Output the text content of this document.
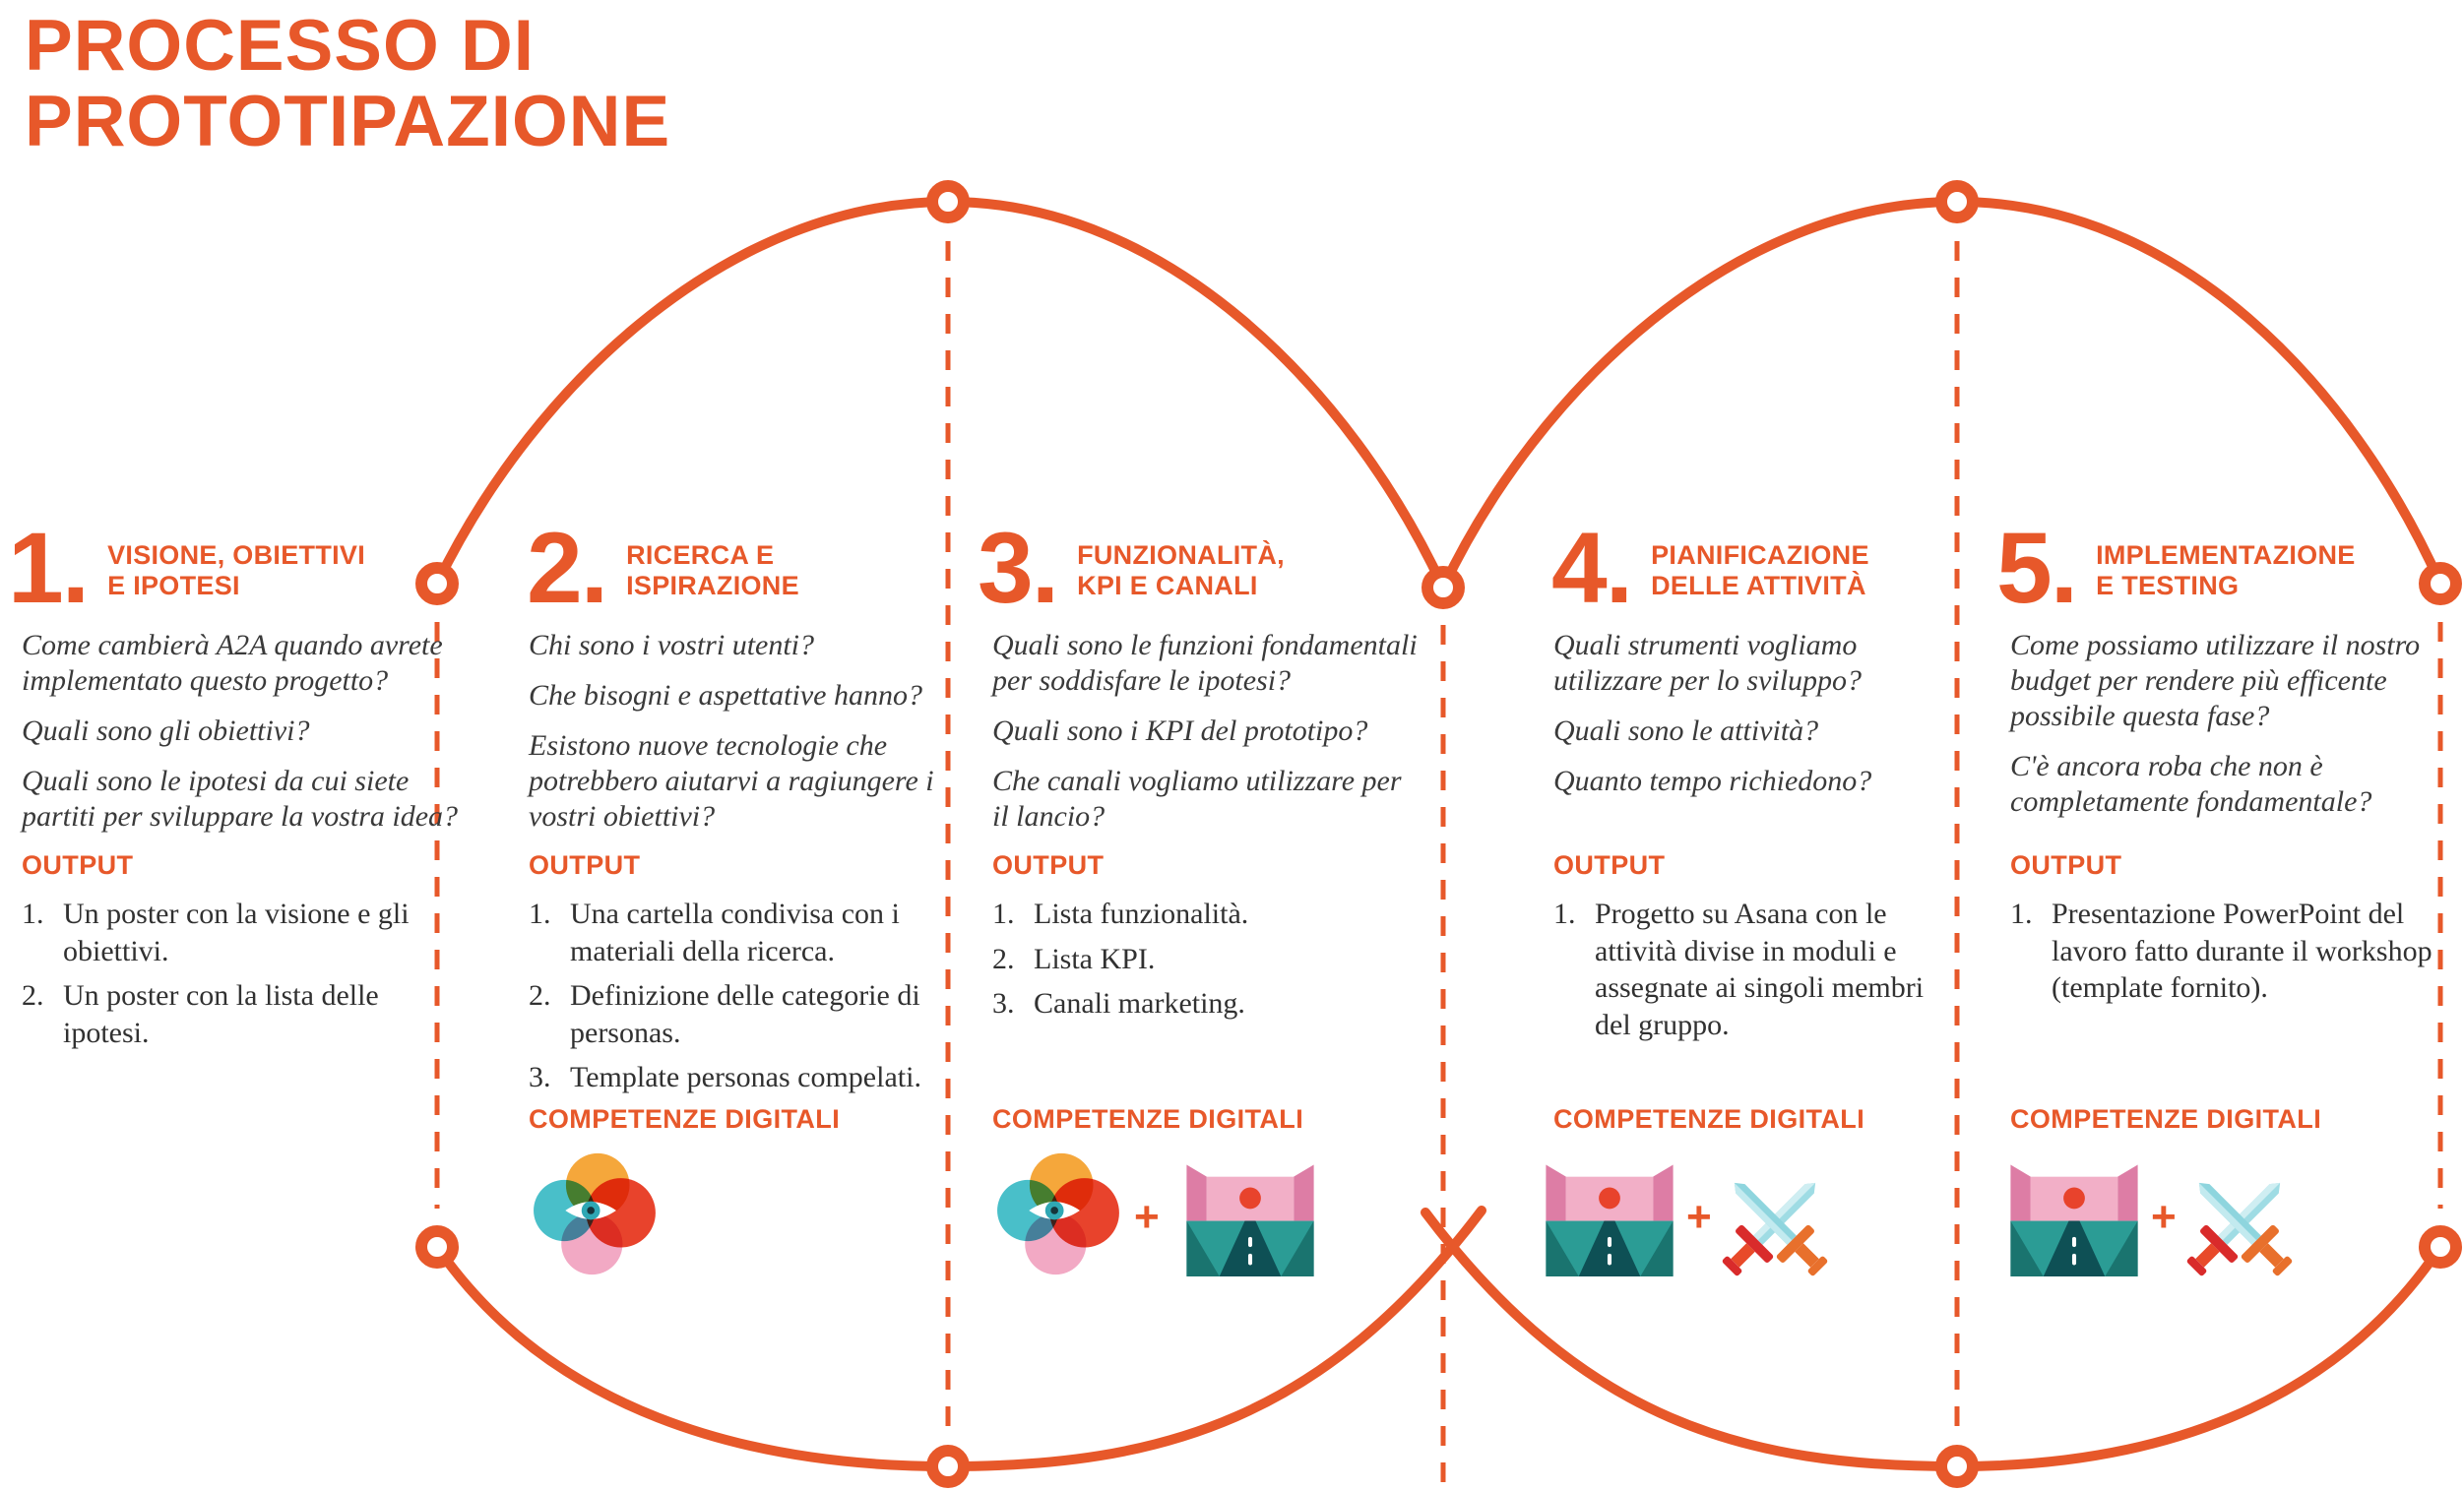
PROCESSO DI
PROTOTIPAZIONE
1. VISIONE, OBIETTIVI
E IPOTESI

Come cambierà A2A quando avrete implementato questo progetto?

Quali sono gli obiettivi?

Quali sono le ipotesi da cui siete partiti per sviluppare la vostra idea?

OUTPUT
1. Un poster con la visione e gli obiettivi.
2. Un poster con la lista delle ipotesi.
2. RICERCA E
ISPIRAZIONE

Chi sono i vostri utenti?

Che bisogni e aspettative hanno?

Esistono nuove tecnologie che potrebbero aiutarvi a ragiungere i vostri obiettivi?

OUTPUT
1. Una cartella condivisa con i materiali della ricerca.
2. Definizione delle categorie di personas.
3. Template personas compelati.
COMPETENZE DIGITALI
3. FUNZIONALITÀ,
KPI E CANALI

Quali sono le funzioni fondamentali per soddisfare le ipotesi?

Quali sono i KPI del prototipo?

Che canali vogliamo utilizzare per il lancio?

OUTPUT
1. Lista funzionalità.
2. Lista KPI.
3. Canali marketing.
COMPETENZE DIGITALI
+
4. PIANIFICAZIONE
DELLE ATTIVITÀ

Quali strumenti vogliamo utilizzare per lo sviluppo?

Quali sono le attività?

Quanto tempo richiedono?

OUTPUT
1. Progetto su Asana con le attività divise in moduli e assegnate ai singoli membri del gruppo.
COMPETENZE DIGITALI
+
5. IMPLEMENTAZIONE
E TESTING

Come possiamo utilizzare il nostro budget per rendere più efficente possibile questa fase?

C'è ancora roba che non è completamente fondamentale?

OUTPUT
1. Presentazione PowerPoint del lavoro fatto durante il workshop (template fornito).
COMPETENZE DIGITALI
+
